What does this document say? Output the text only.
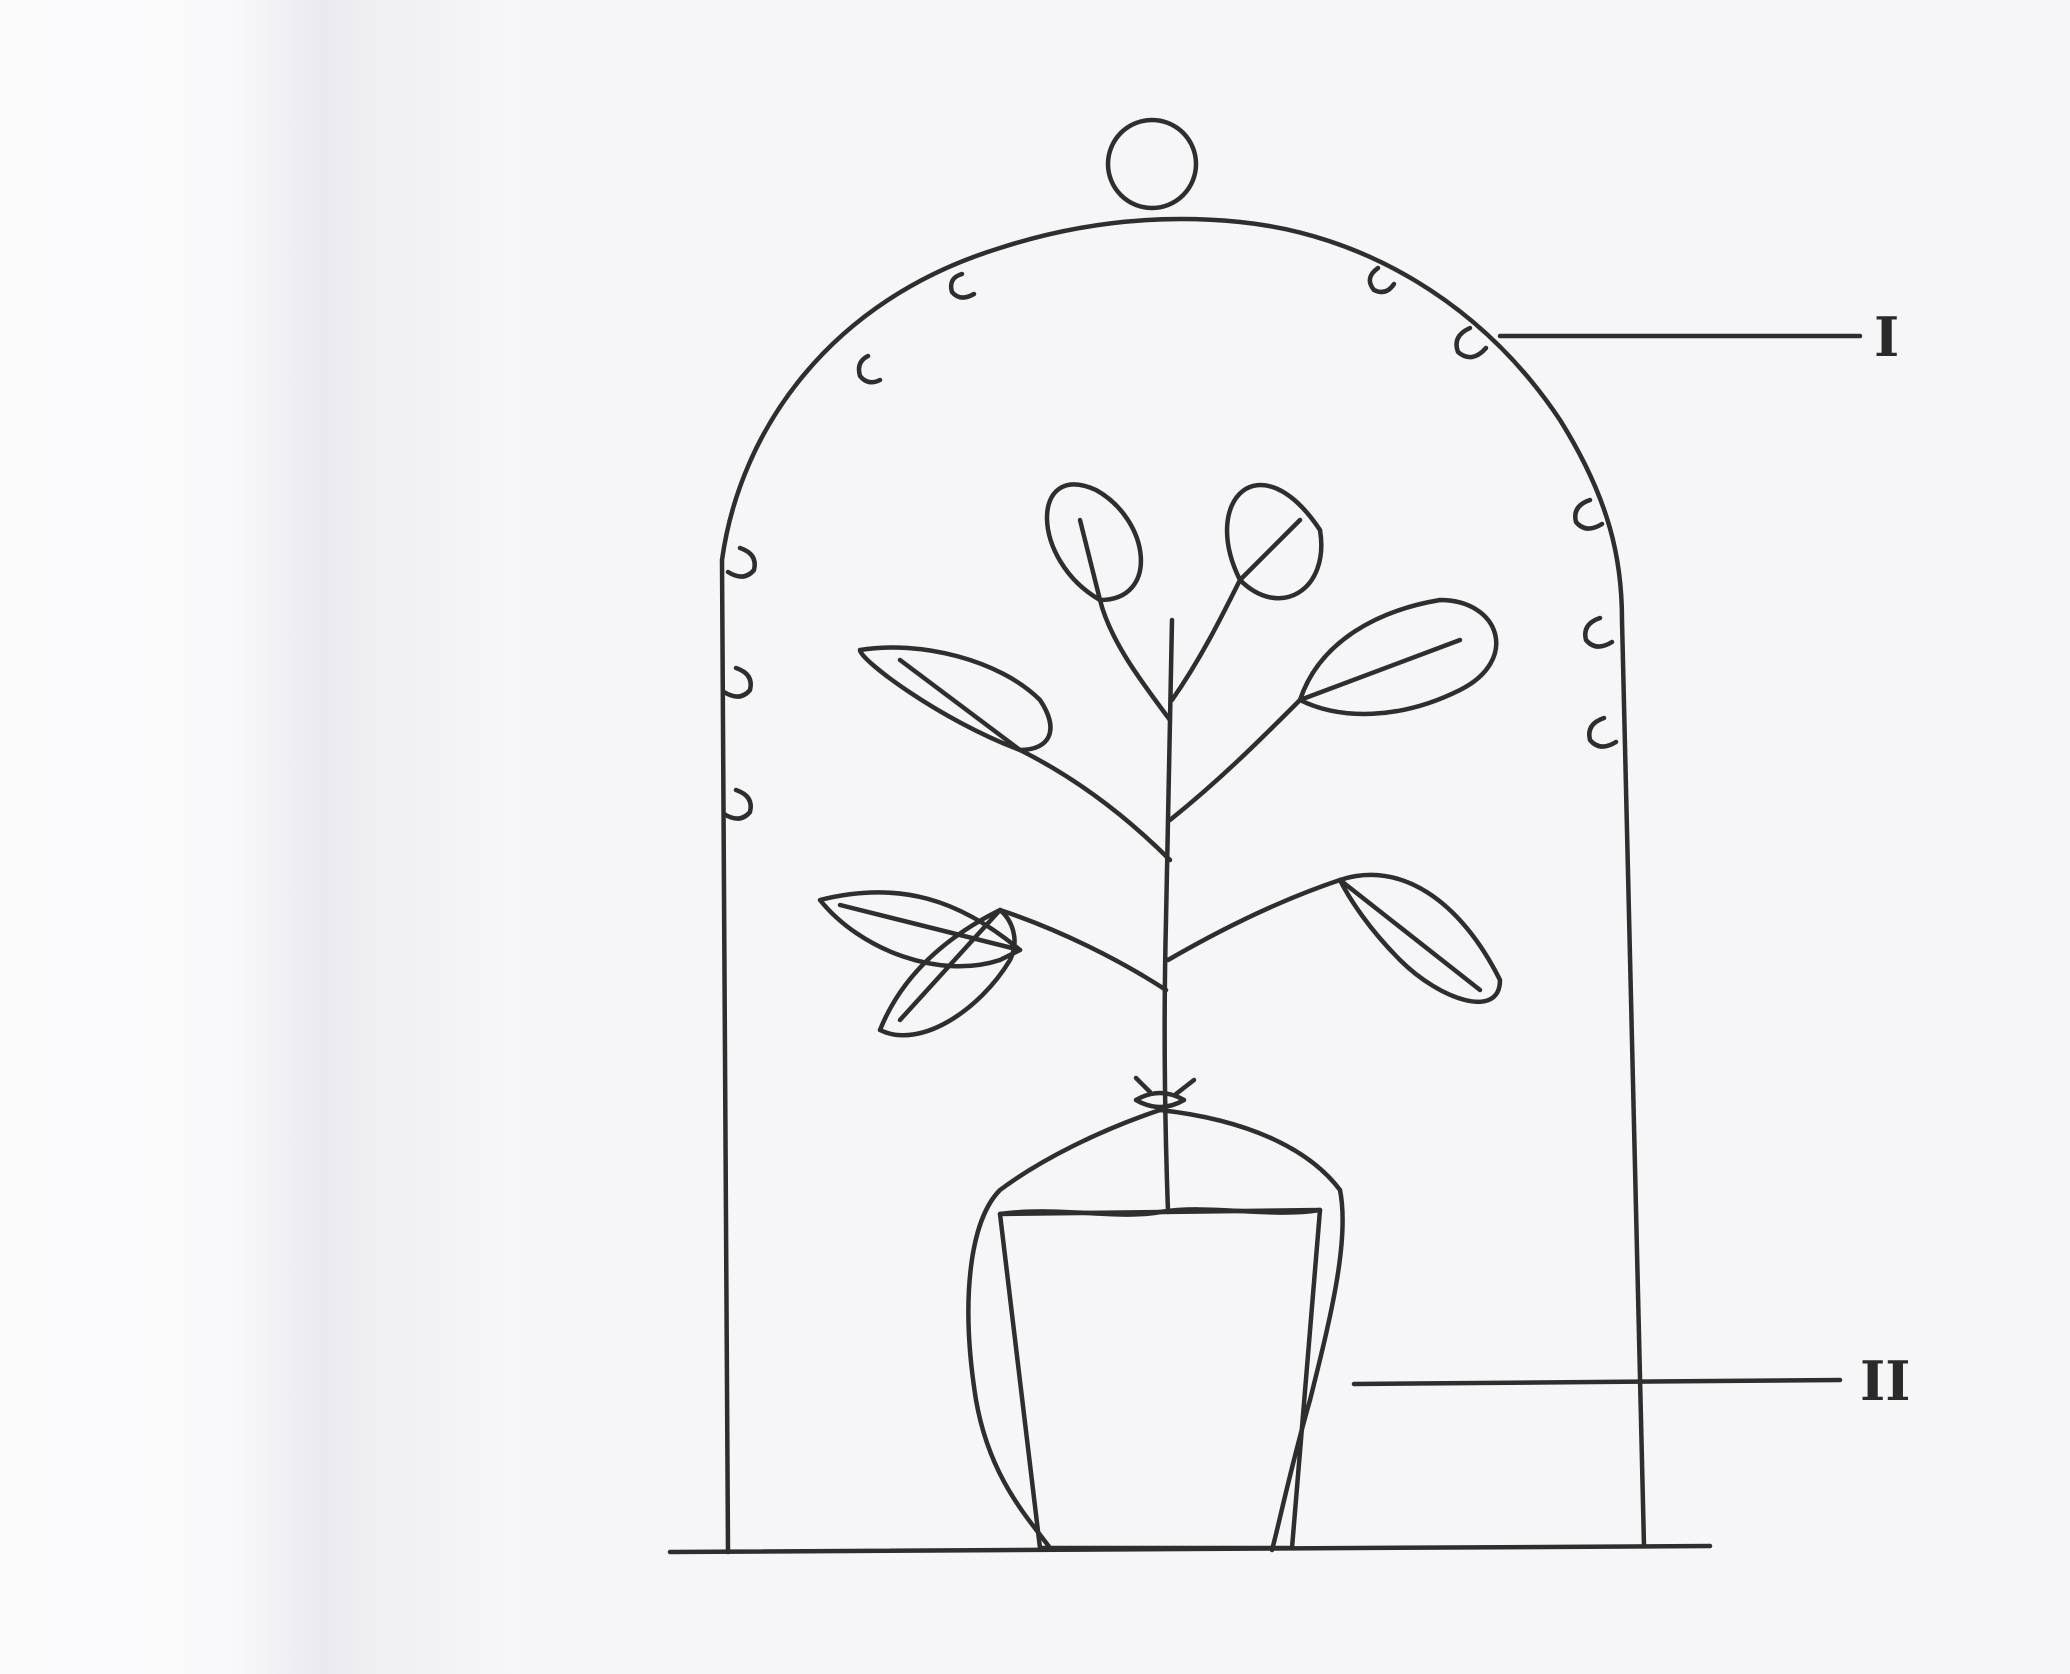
I
II
